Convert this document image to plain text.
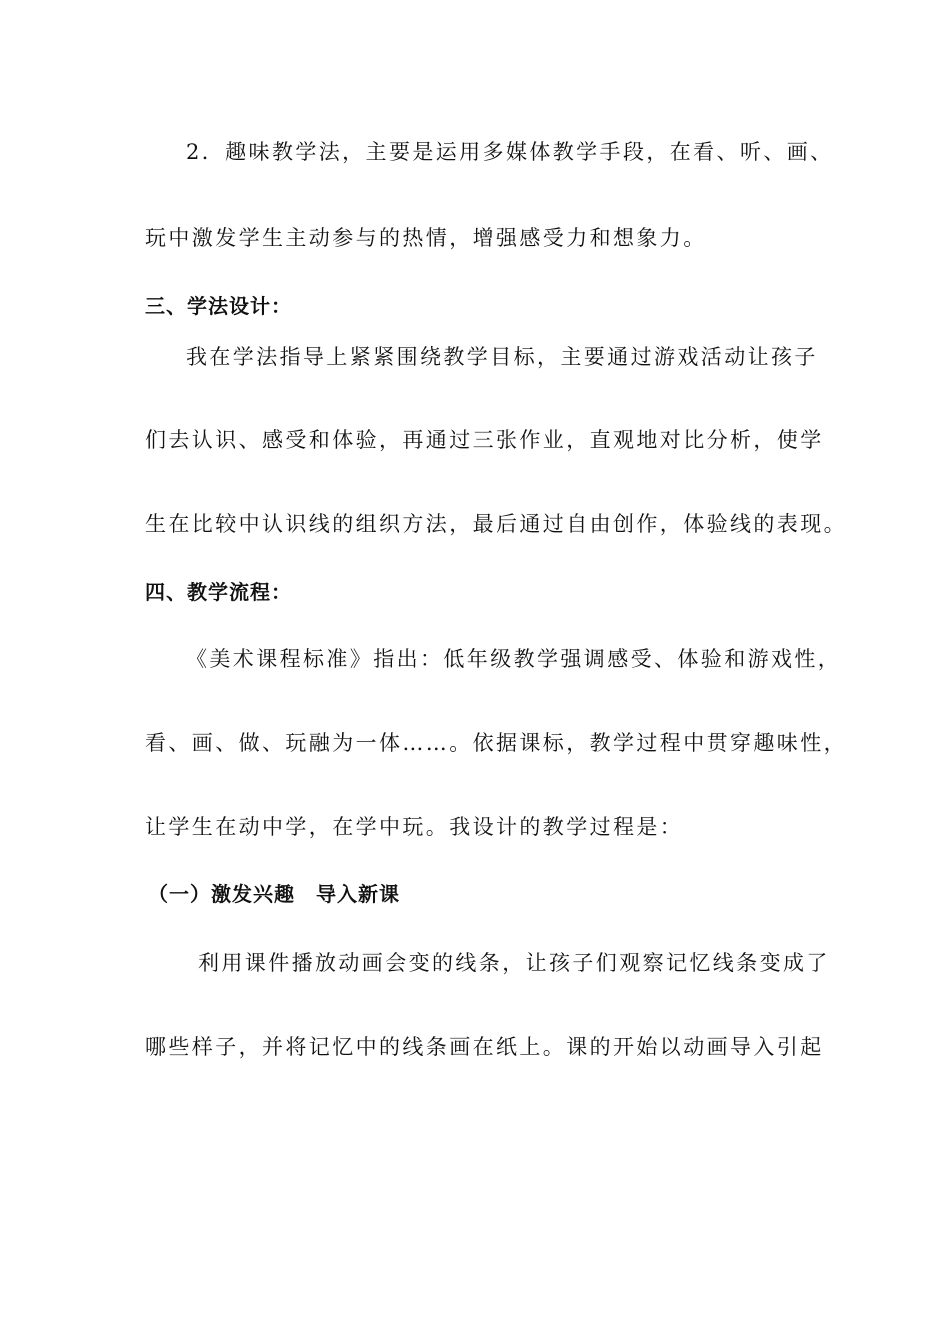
2．趣味教学法，主要是运用多媒体教学手段，在看、听、画、
玩中激发学生主动参与的热情，增强感受力和想象力。
三、学法设计：
我在学法指导上紧紧围绕教学目标，主要通过游戏活动让孩子
们去认识、感受和体验，再通过三张作业，直观地对比分析，使学
生在比较中认识线的组织方法，最后通过自由创作，体验线的表现。
四、教学流程：
《美术课程标准》指出：低年级教学强调感受、体验和游戏性，
看、画、做、玩融为一体……。依据课标，教学过程中贯穿趣味性，
让学生在动中学，在学中玩。我设计的教学过程是：
（一）激发兴趣　导入新课
利用课件播放动画会变的线条，让孩子们观察记忆线条变成了
哪些样子，并将记忆中的线条画在纸上。课的开始以动画导入引起
